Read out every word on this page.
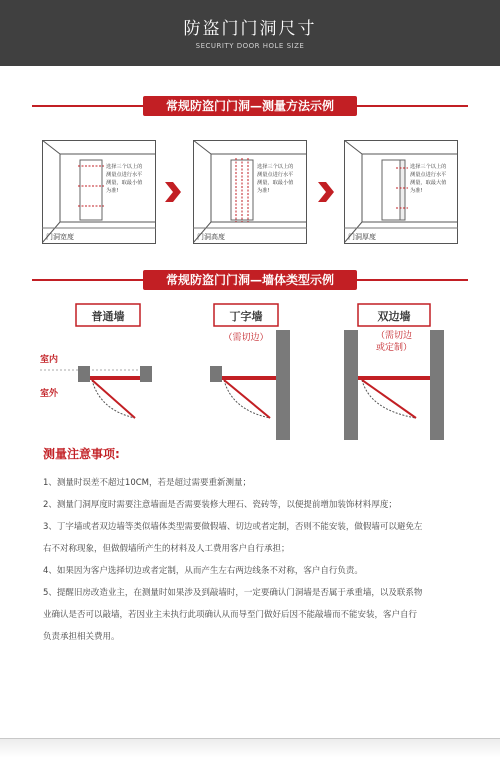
防盗门门洞尺寸
SECURITY DOOR HOLE SIZE
常规防盗门门洞—测量方法示例
选择三个以上的
测量点进行水平
测量，取最小值
为准!
门洞宽度
选择三个以上的
测量点进行水平
测量，取最小值
为准!
门洞高度
选择三个以上的
测量点进行水平
测量，取最大值
为准!
门洞厚度
常规防盗门门洞—墙体类型示例
普通墙
室内
室外
丁字墙
（需切边）
双边墙
（需切边
或定制）
测量注意事项:

1、测量时误差不超过10CM，若是超过需要重新测量；

2、测量门洞厚度时需要注意墙面是否需要装修大理石、瓷砖等，以便提前增加装饰材料厚度；

3、丁字墙或者双边墙等类似墙体类型需要做假墙、切边或者定制，否则不能安装，做假墙可以避免左

右不对称现象，但做假墙所产生的材料及人工费用客户自行承担；

4、如果因为客户选择切边或者定制，从而产生左右两边线条不对称，客户自行负责。

5、提醒旧房改造业主，在测量时如果涉及到敲墙时，一定要确认门洞墙是否属于承重墙，以及联系物

业确认是否可以敲墙，若因业主未执行此项确认从而导至门做好后因不能敲墙而不能安装，客户自行

负责承担相关费用。
